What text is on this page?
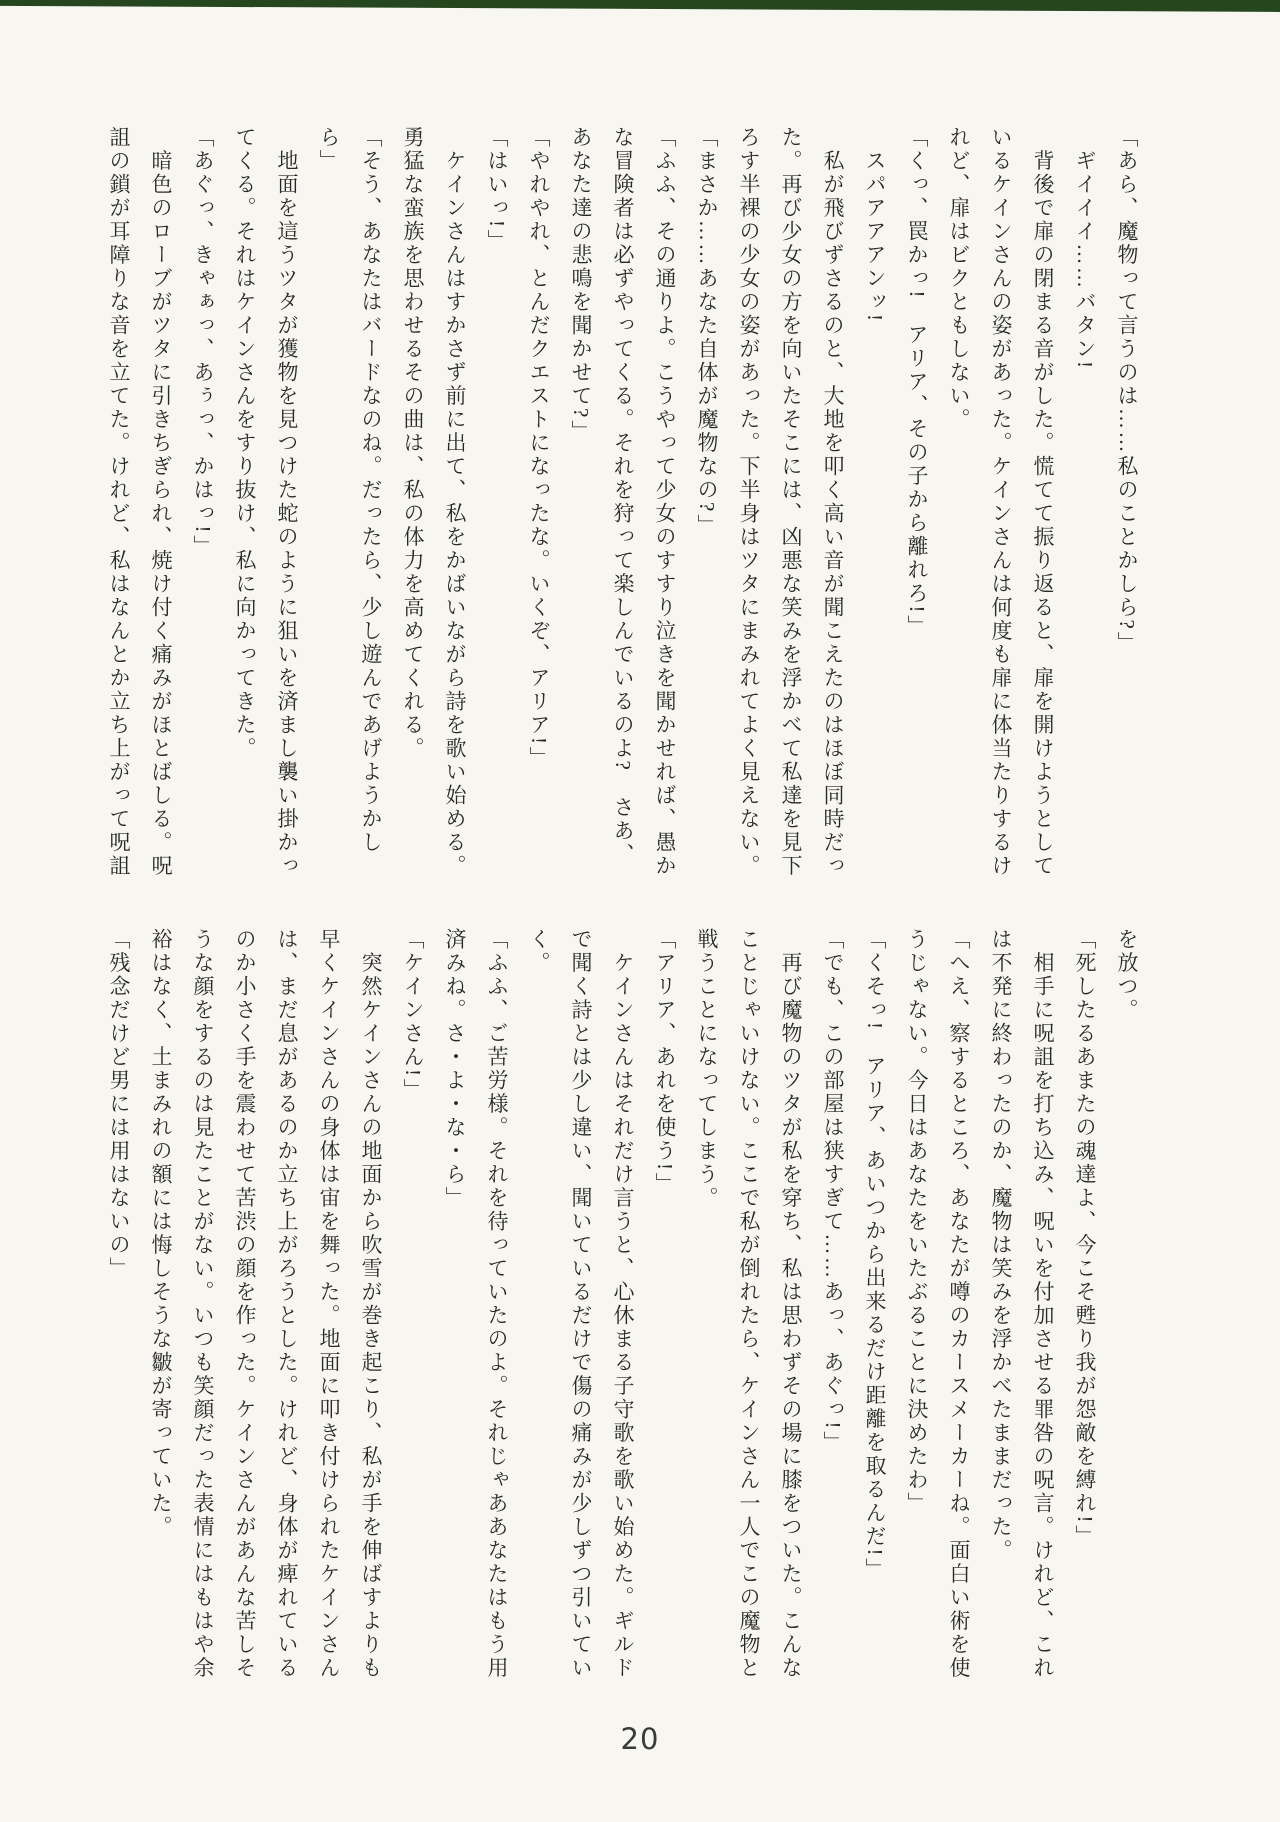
「あら、魔物って言うのは……私のことかしら?」

　ギイイイ……バタン!

　背後で扉の閉まる音がした。慌てて振り返ると、扉を開けようとして

いるケインさんの姿があった。ケインさんは何度も扉に体当たりするけ

れど、扉はビクともしない。

「くっ、罠かっ!　アリア、その子から離れろ!」

　スパアアアンッ!

　私が飛びずさるのと、大地を叩く高い音が聞こえたのはほぼ同時だっ

た。再び少女の方を向いたそこには、凶悪な笑みを浮かべて私達を見下

ろす半裸の少女の姿があった。下半身はツタにまみれてよく見えない。

「まさか……あなた自体が魔物なの?」

「ふふ、その通りよ。こうやって少女のすすり泣きを聞かせれば、愚か

な冒険者は必ずやってくる。それを狩って楽しんでいるのよ?　さあ、

あなた達の悲鳴を聞かせて?」

「やれやれ、とんだクエストになったな。いくぞ、アリア!」

「はいっ!」

　ケインさんはすかさず前に出て、私をかばいながら詩を歌い始める。

勇猛な蛮族を思わせるその曲は、私の体力を高めてくれる。

「そう、あなたはバードなのね。だったら、少し遊んであげようかし

ら」

　地面を這うツタが獲物を見つけた蛇のように狙いを済まし襲い掛かっ

てくる。それはケインさんをすり抜け、私に向かってきた。

「あぐっ、きゃぁっ、あぅっ、かはっ!」

　暗色のローブがツタに引きちぎられ、焼け付く痛みがほとばしる。呪

詛の鎖が耳障りな音を立てた。けれど、私はなんとか立ち上がって呪詛

を放つ。

「死したるあまたの魂達よ、今こそ甦り我が怨敵を縛れ!」

　相手に呪詛を打ち込み、呪いを付加させる罪咎の呪言。けれど、これ

は不発に終わったのか、魔物は笑みを浮かべたままだった。

「へえ、察するところ、あなたが噂のカースメーカーね。面白い術を使

うじゃない。今日はあなたをいたぶることに決めたわ」

「くそっ!　アリア、あいつから出来るだけ距離を取るんだ!」

「でも、この部屋は狭すぎて……あっ、あぐっ!」

　再び魔物のツタが私を穿ち、私は思わずその場に膝をついた。こんな

ことじゃいけない。ここで私が倒れたら、ケインさん一人でこの魔物と

戦うことになってしまう。

「アリア、あれを使う!」

　ケインさんはそれだけ言うと、心休まる子守歌を歌い始めた。ギルド

で聞く詩とは少し違い、聞いているだけで傷の痛みが少しずつ引いてい

く。

「ふふ、ご苦労様。それを待っていたのよ。それじゃああなたはもう用

済みね。さ・よ・な・ら」

「ケインさん!」

　突然ケインさんの地面から吹雪が巻き起こり、私が手を伸ばすよりも

早くケインさんの身体は宙を舞った。地面に叩き付けられたケインさん

は、まだ息があるのか立ち上がろうとした。けれど、身体が痺れている

のか小さく手を震わせて苦渋の顔を作った。ケインさんがあんな苦しそ

うな顔をするのは見たことがない。いつも笑顔だった表情にはもはや余

裕はなく、土まみれの額には悔しそうな皺が寄っていた。

「残念だけど男には用はないの」

20
